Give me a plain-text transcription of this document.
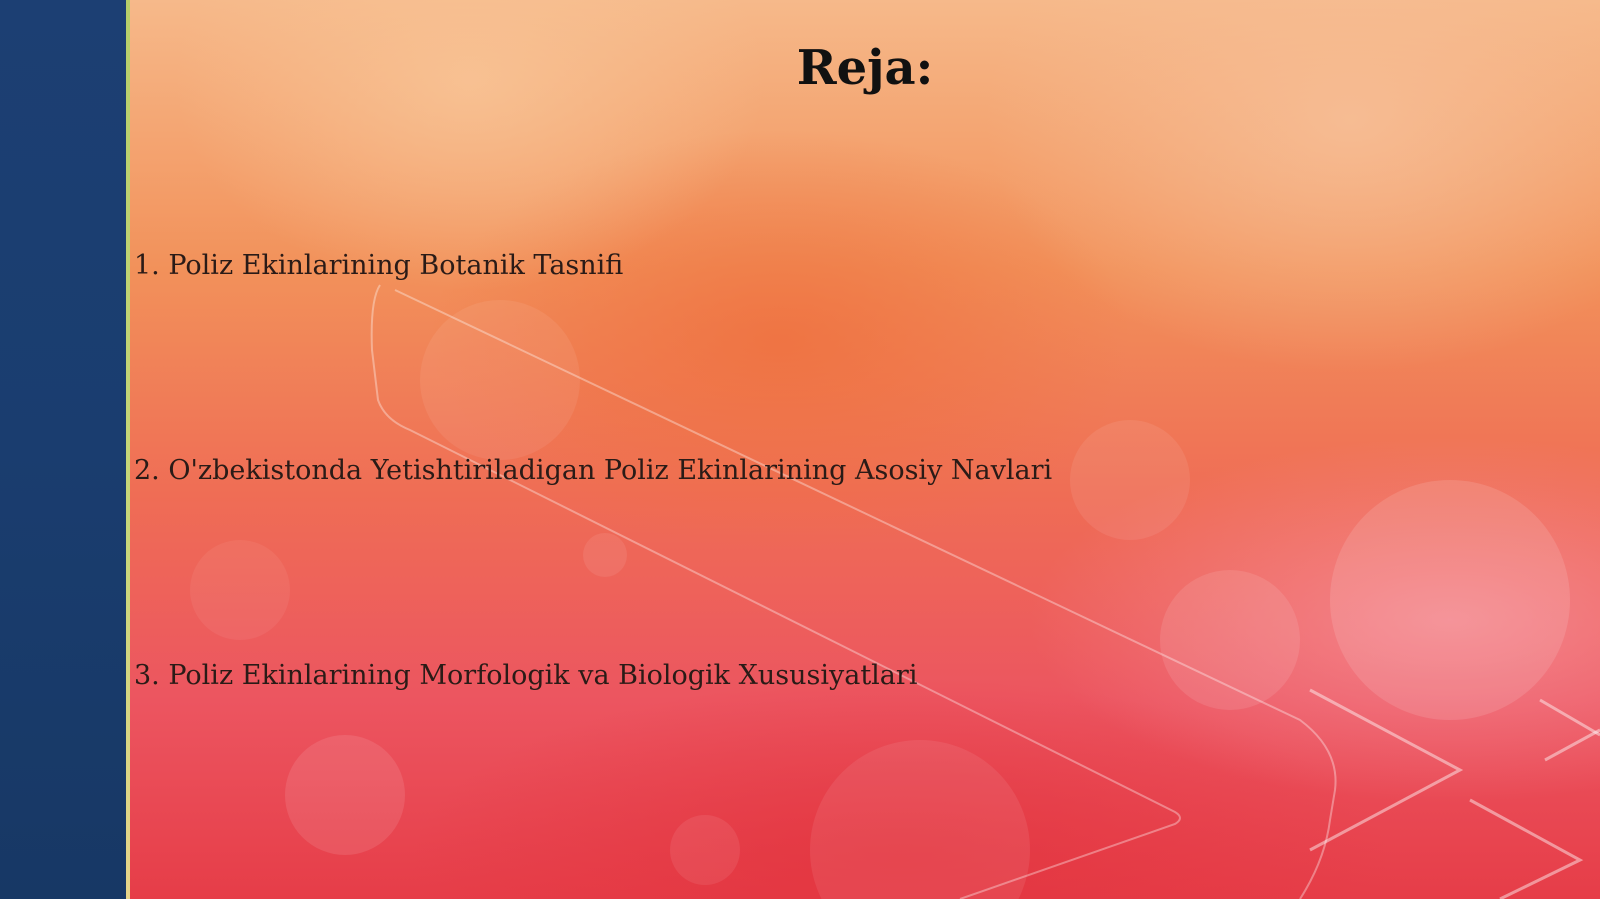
Reja:
1. Poliz Ekinlarining Botanik Tasnifi
2. O'zbekistonda Yetishtiriladigan Poliz Ekinlarining Asosiy Navlari
3. Poliz Ekinlarining Morfologik va Biologik Xususiyatlari
